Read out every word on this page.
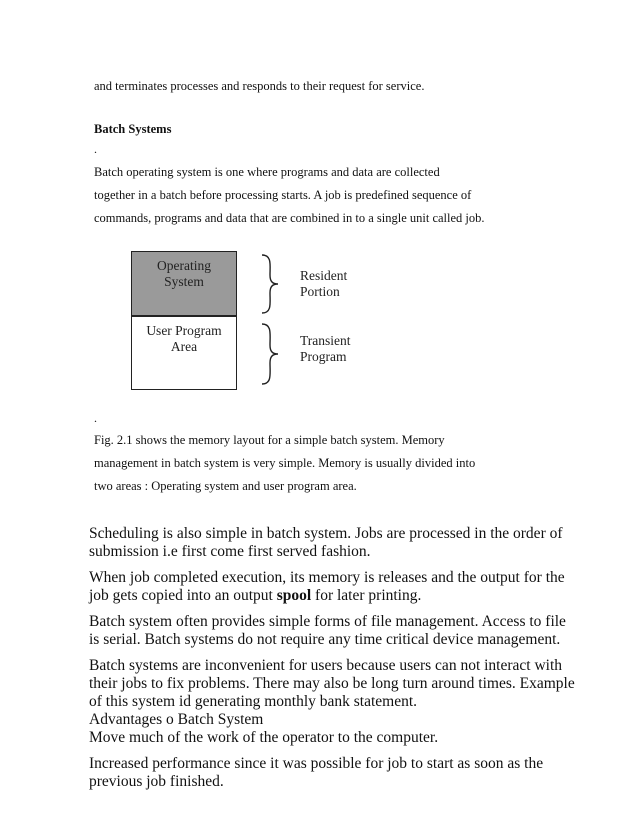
and terminates processes and responds to their request for service.

Batch Systems

.

Batch operating system is one where programs and data are collected

together in a batch before processing starts. A job is predefined sequence of

commands, programs and data that are combined in to a single unit called job.

Operating
System
User Program
Area
Resident
Portion
Transient
Program
.

Fig. 2.1 shows the memory layout for a simple batch system. Memory

management in batch system is very simple. Memory is usually divided into

two areas : Operating system and user program area.

Scheduling is also simple in batch system. Jobs are processed in the order of

submission i.e first come first served fashion.

When job completed execution, its memory is releases and the output for the

job gets copied into an output spool for later printing.

Batch system often provides simple forms of file management. Access to file

is serial. Batch systems do not require any time critical device management.

Batch systems are inconvenient for users because users can not interact with

their jobs to fix problems. There may also be long turn around times. Example

of this system id generating monthly bank statement.

Advantages o Batch System

Move much of the work of the operator to the computer.

Increased performance since it was possible for job to start as soon as the

previous job finished.
